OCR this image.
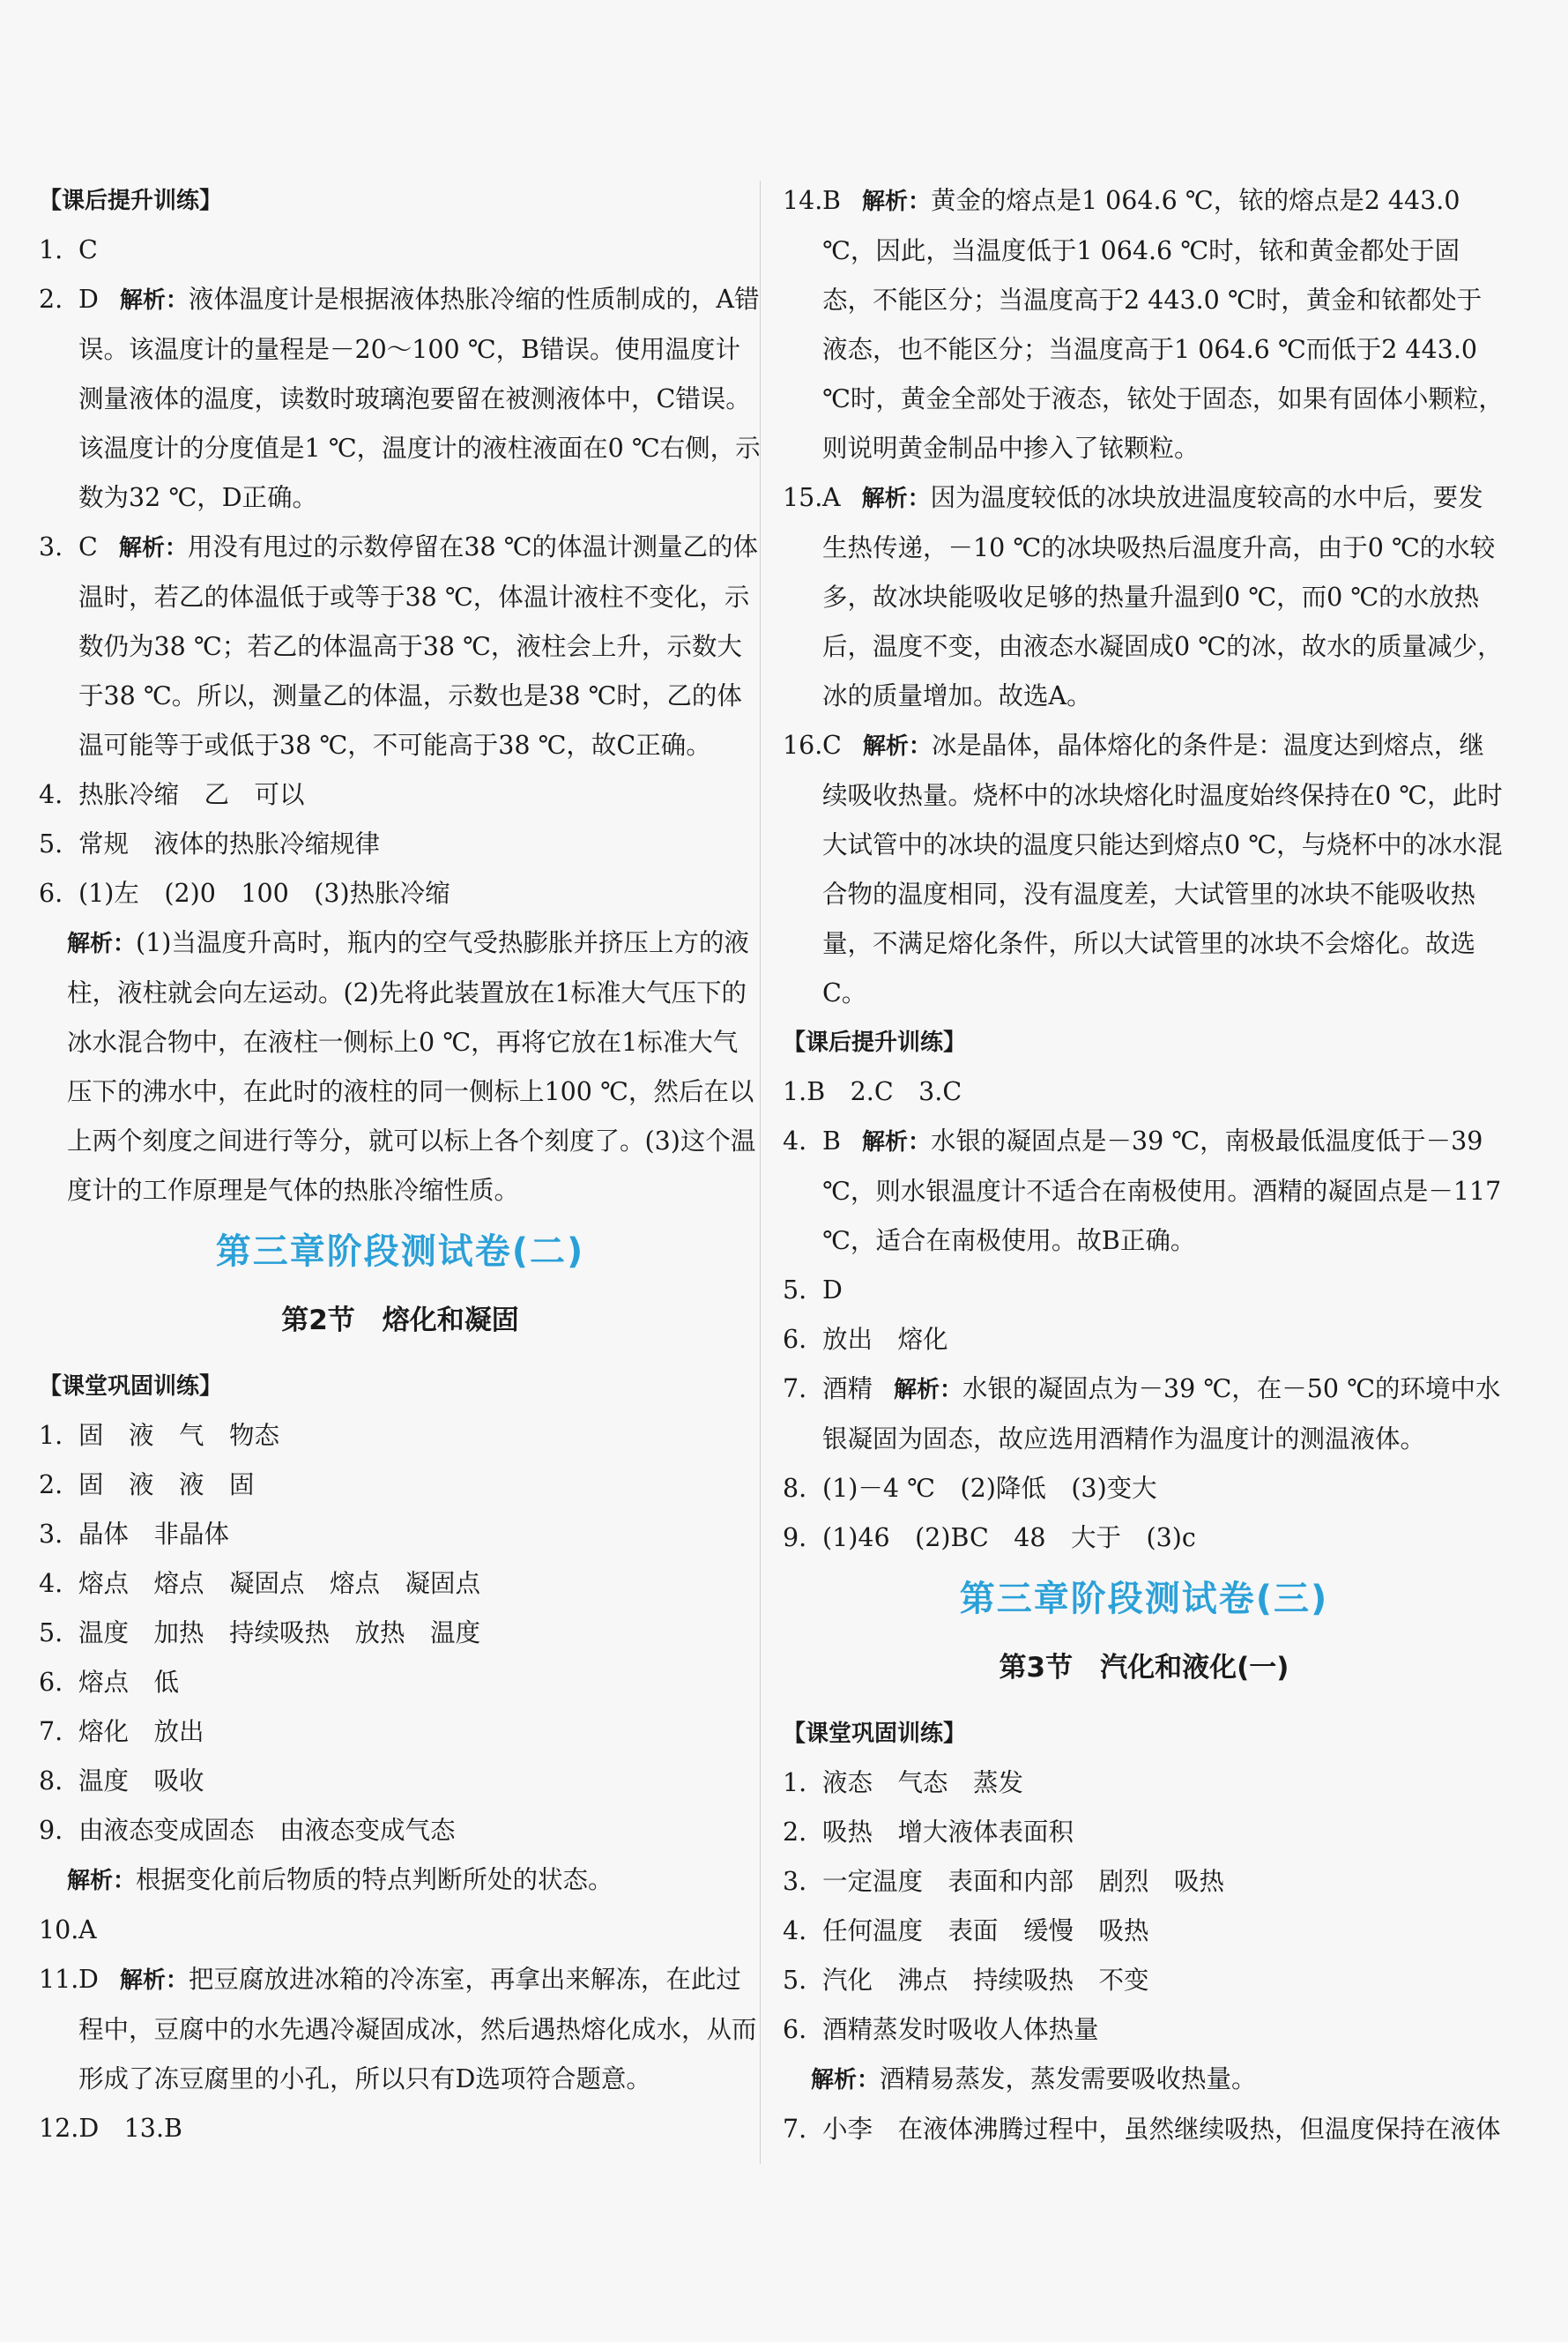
【课后提升训练】
1. C
2. D 解析：液体温度计是根据液体热胀冷缩的性质制成的，A错误。该温度计的量程是－20～100 ℃，B错误。使用温度计测量液体的温度，读数时玻璃泡要留在被测液体中，C错误。该温度计的分度值是1 ℃，温度计的液柱液面在0 ℃右侧，示数为32 ℃，D正确。
3. C 解析：用没有甩过的示数停留在38 ℃的体温计测量乙的体温时，若乙的体温低于或等于38 ℃，体温计液柱不变化，示数仍为38 ℃；若乙的体温高于38 ℃，液柱会上升，示数大于38 ℃。所以，测量乙的体温，示数也是38 ℃时，乙的体温可能等于或低于38 ℃，不可能高于38 ℃，故C正确。
4. 热胀冷缩　乙　可以
5. 常规　液体的热胀冷缩规律
6. (1)左　(2)0　100　(3)热胀冷缩
解析：(1)当温度升高时，瓶内的空气受热膨胀并挤压上方的液柱，液柱就会向左运动。(2)先将此装置放在1标准大气压下的冰水混合物中，在液柱一侧标上0 ℃，再将它放在1标准大气压下的沸水中，在此时的液柱的同一侧标上100 ℃，然后在以上两个刻度之间进行等分，就可以标上各个刻度了。(3)这个温度计的工作原理是气体的热胀冷缩性质。
第三章阶段测试卷(二)
第2节　熔化和凝固
【课堂巩固训练】
1. 固　液　气　物态
2. 固　液　液　固
3. 晶体　非晶体
4. 熔点　熔点　凝固点　熔点　凝固点
5. 温度　加热　持续吸热　放热　温度
6. 熔点　低
7. 熔化　放出
8. 温度　吸收
9. 由液态变成固态　由液态变成气态
解析：根据变化前后物质的特点判断所处的状态。
10. A
11. D 解析：把豆腐放进冰箱的冷冻室，再拿出来解冻，在此过程中，豆腐中的水先遇冷凝固成冰，然后遇热熔化成水，从而形成了冻豆腐里的小孔，所以只有D选项符合题意。
12.D　13.B
14. B 解析：黄金的熔点是1 064.6 ℃，铱的熔点是2 443.0 ℃，因此，当温度低于1 064.6 ℃时，铱和黄金都处于固态，不能区分；当温度高于2 443.0 ℃时，黄金和铱都处于液态，也不能区分；当温度高于1 064.6 ℃而低于2 443.0 ℃时，黄金全部处于液态，铱处于固态，如果有固体小颗粒，则说明黄金制品中掺入了铱颗粒。
15. A 解析：因为温度较低的冰块放进温度较高的水中后，要发生热传递，－10 ℃的冰块吸热后温度升高，由于0 ℃的水较多，故冰块能吸收足够的热量升温到0 ℃，而0 ℃的水放热后，温度不变，由液态水凝固成0 ℃的冰，故水的质量减少，冰的质量增加。故选A。
16. C 解析：冰是晶体，晶体熔化的条件是：温度达到熔点，继续吸收热量。烧杯中的冰块熔化时温度始终保持在0 ℃，此时大试管中的冰块的温度只能达到熔点0 ℃，与烧杯中的冰水混合物的温度相同，没有温度差，大试管里的冰块不能吸收热量，不满足熔化条件，所以大试管里的冰块不会熔化。故选C。
【课后提升训练】
1.B　2.C　3.C
4. B 解析：水银的凝固点是－39 ℃，南极最低温度低于－39 ℃，则水银温度计不适合在南极使用。酒精的凝固点是－117 ℃，适合在南极使用。故B正确。
5. D
6. 放出　熔化
7. 酒精 解析：水银的凝固点为－39 ℃，在－50 ℃的环境中水银凝固为固态，故应选用酒精作为温度计的测温液体。
8. (1)－4 ℃　(2)降低　(3)变大
9. (1)46　(2)BC　48　大于　(3)c
第三章阶段测试卷(三)
第3节　汽化和液化(一)
【课堂巩固训练】
1. 液态　气态　蒸发
2. 吸热　增大液体表面积
3. 一定温度　表面和内部　剧烈　吸热
4. 任何温度　表面　缓慢　吸热
5. 汽化　沸点　持续吸热　不变
6. 酒精蒸发时吸收人体热量
解析：酒精易蒸发，蒸发需要吸收热量。
7. 小李　在液体沸腾过程中，虽然继续吸热，但温度保持在液体
